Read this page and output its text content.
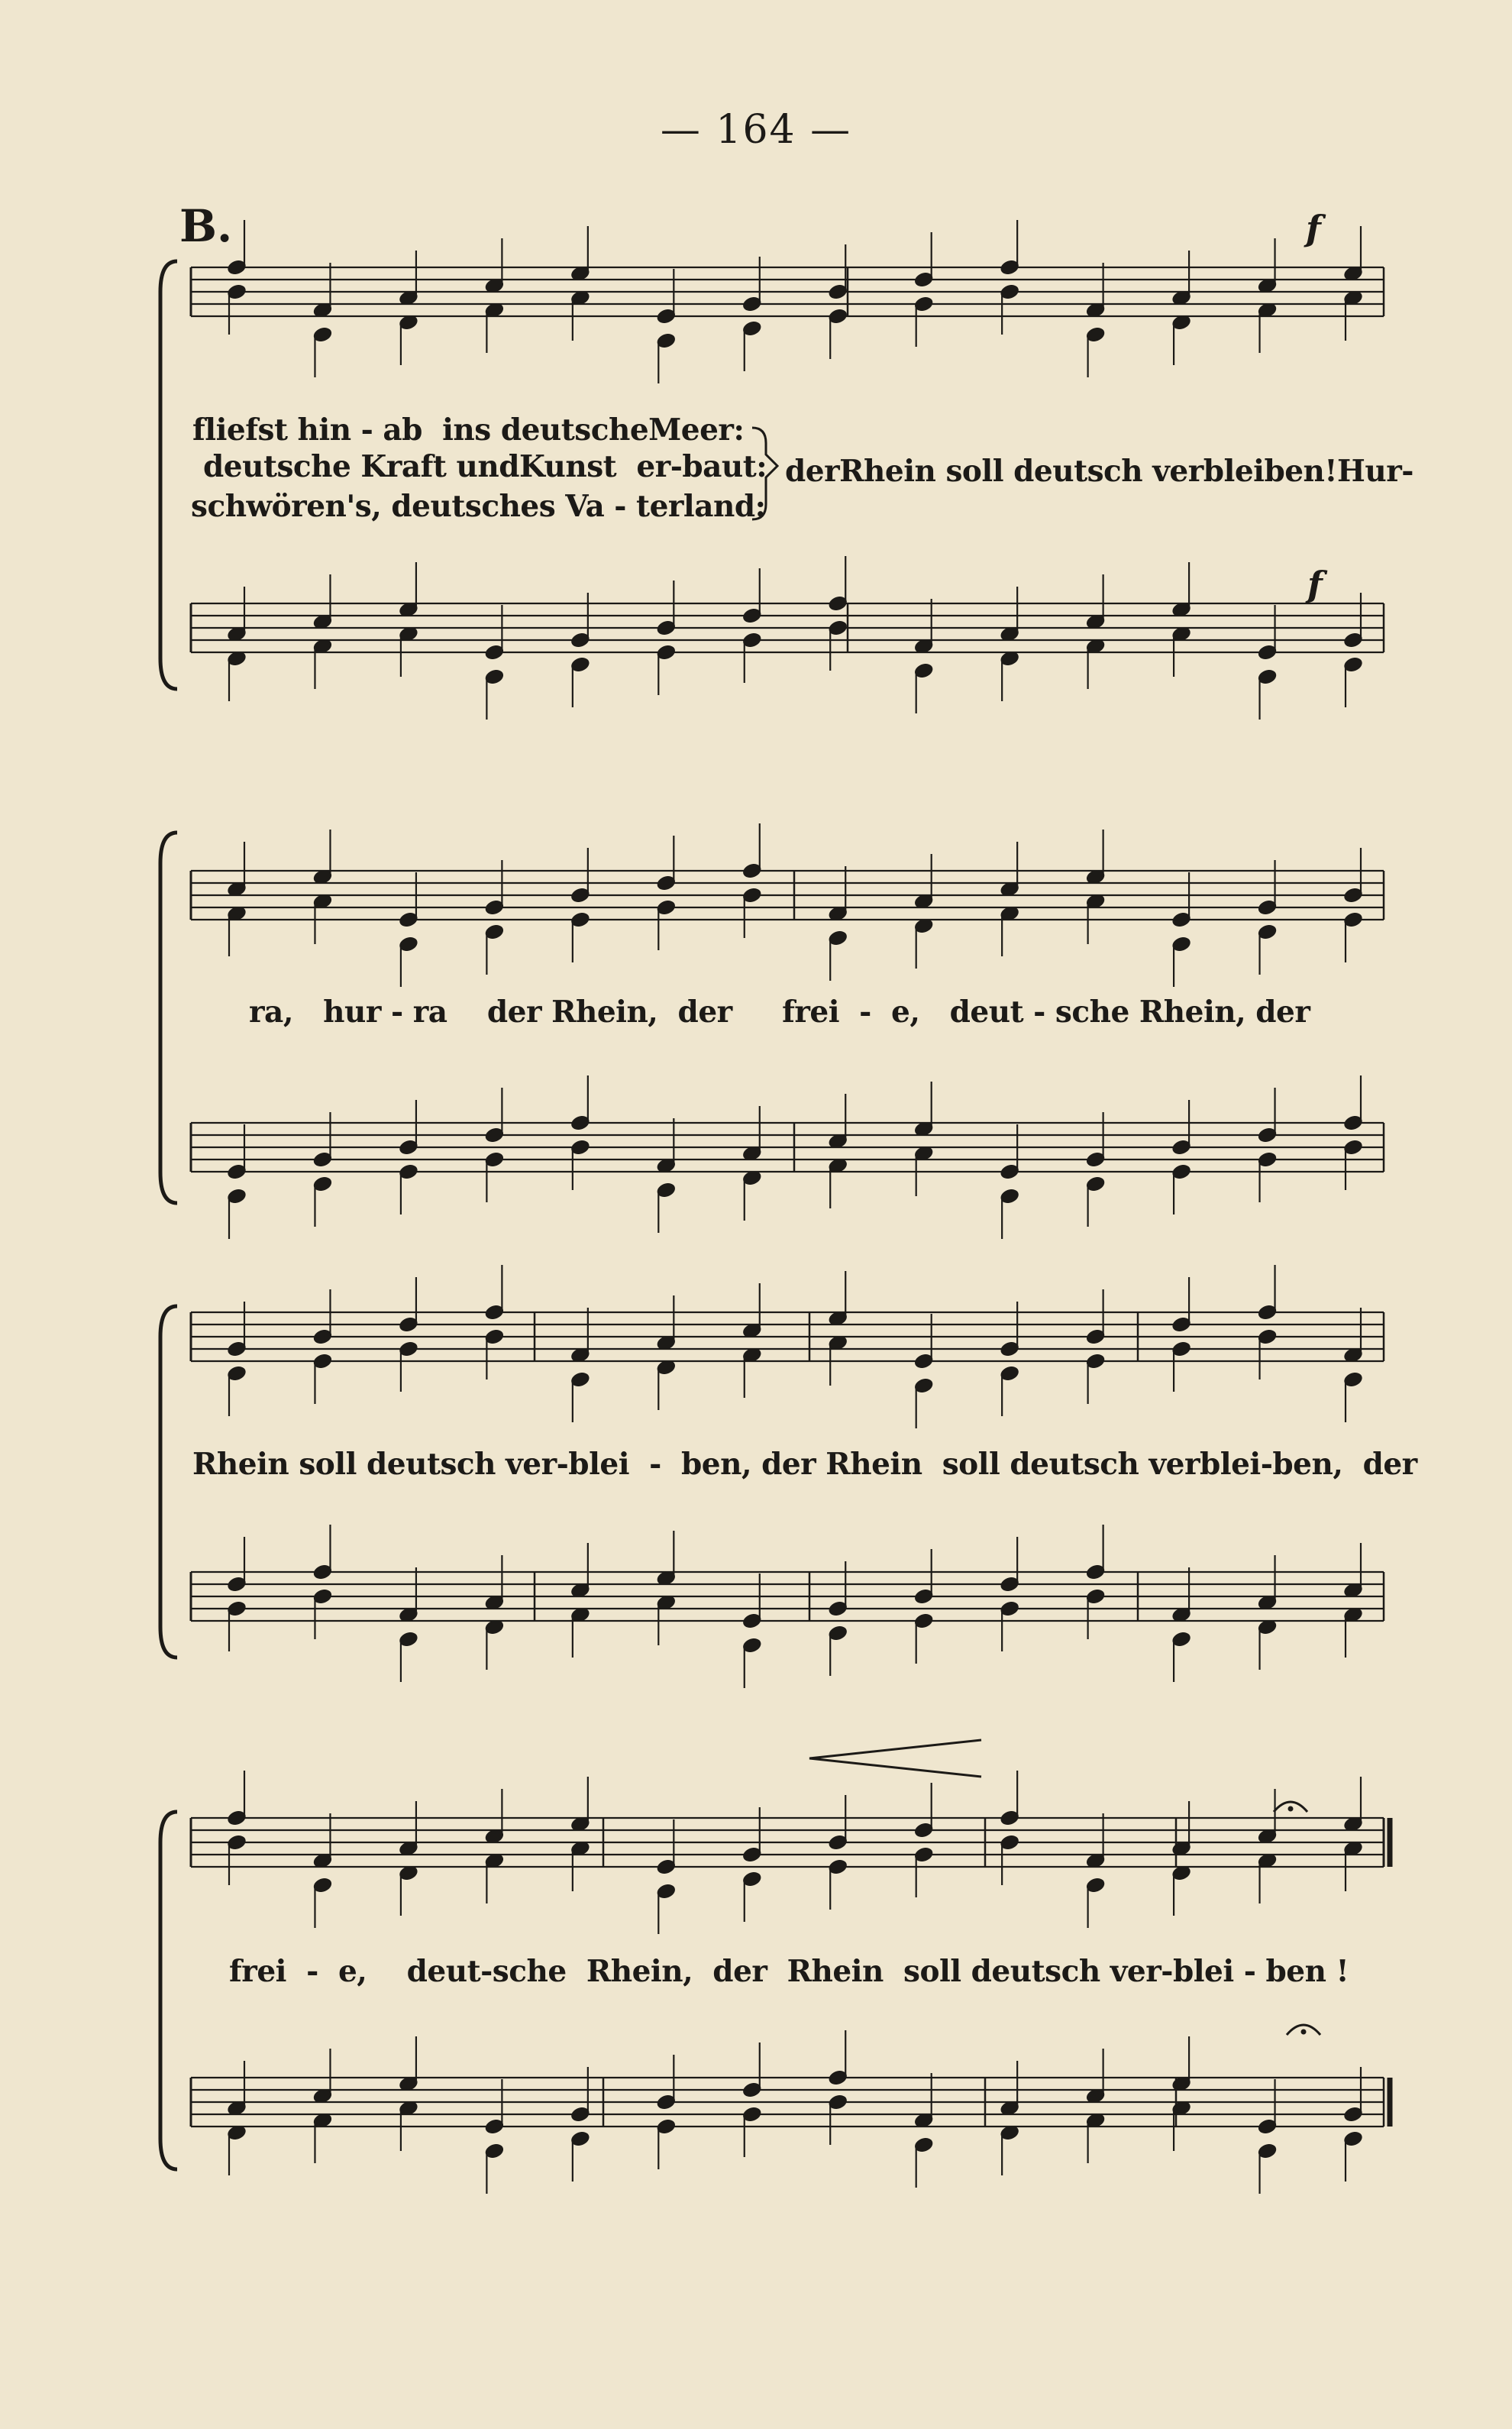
— 164 —
B.	f
f
fliefst hin - ab  ins deutscheMeer:
deutsche Kraft undKunst  er-baut:
schwören's, deutsches Va - terland:
derRhein soll deutsch verbleiben!Hur-
ra,   hur - ra    der Rhein,  der     frei  -  e,   deut - sche Rhein, der
Rhein soll deutsch ver-blei  -  ben, der Rhein  soll deutsch verblei-ben,  der
frei  -  e,    deut-sche  Rhein,  der  Rhein  soll deutsch ver-blei - ben !
